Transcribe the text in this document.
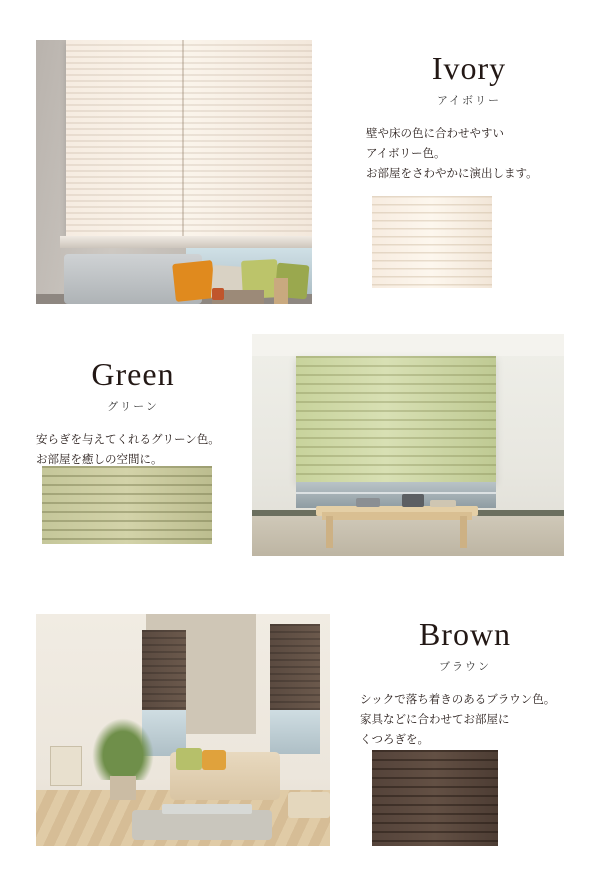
Ivory
アイボリー
壁や床の色に合わせやすい
アイボリー色。
お部屋をさわやかに演出します。
Green
グリーン
安らぎを与えてくれるグリーン色。
お部屋を癒しの空間に。
Brown
ブラウン
シックで落ち着きのあるブラウン色。
家具などに合わせてお部屋に
くつろぎを。
